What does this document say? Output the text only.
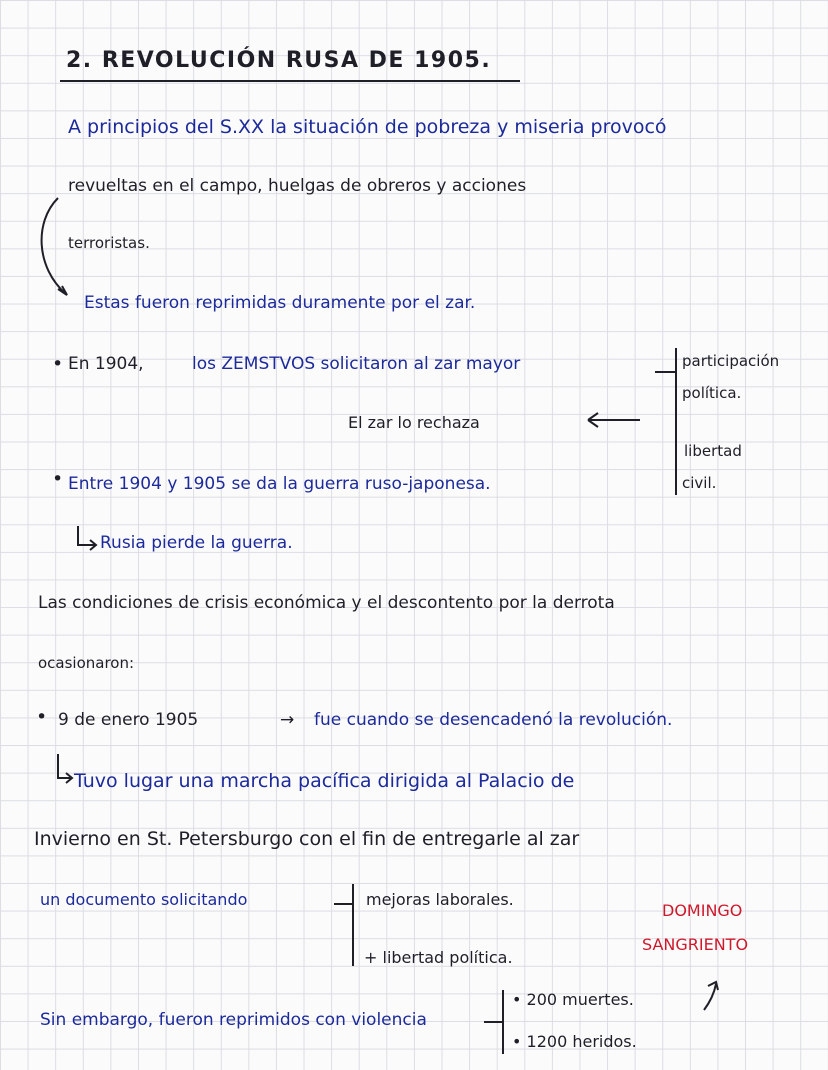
2. REVOLUCIÓN RUSA DE 1905.
A principios del S.XX la situación de pobreza y miseria provocó
revueltas en el campo, huelgas de obreros y acciones
terroristas.
Estas fueron reprimidas duramente por el zar.
• En 1904,	los ZEMSTVOS solicitaron al zar mayor	participación
política.
libertad
civil.
El zar lo rechaza
• Entre 1904 y 1905 se da la guerra ruso-japonesa.
Rusia pierde la guerra.
Las condiciones de crisis económica y el descontento por la derrota
ocasionaron:
• 9 de enero 1905	→ fue cuando se desencadenó la revolución.
Tuvo lugar una marcha pacífica dirigida al Palacio de
Invierno en St. Petersburgo con el fin de entregarle al zar
un documento solicitando	mejoras laborales.
+ libertad política.
DOMINGO
SANGRIENTO
Sin embargo, fueron reprimidos con violencia
• 200 muertes.
• 1200 heridos.
